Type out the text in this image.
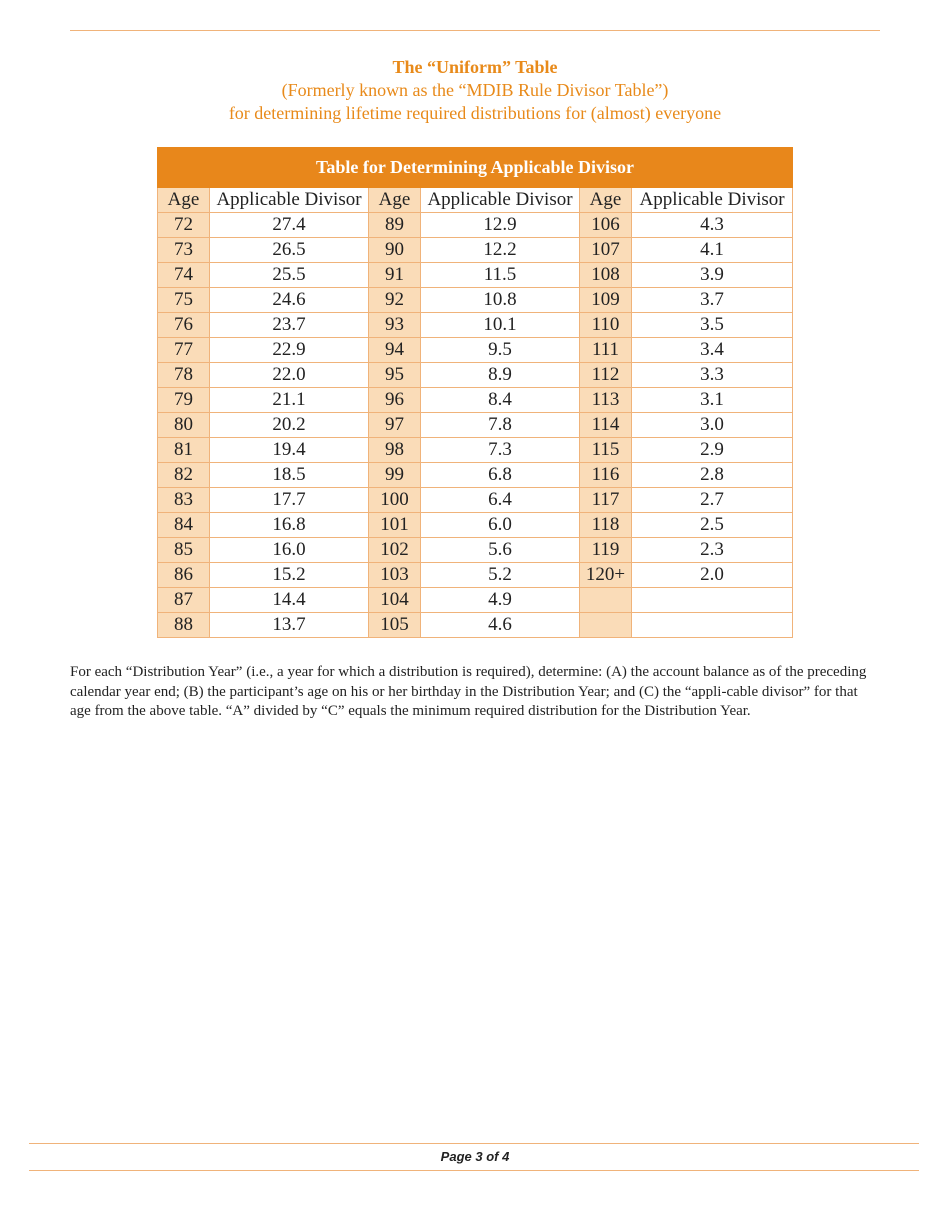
The “Uniform” Table
(Formerly known as the “MDIB Rule Divisor Table”)
for determining lifetime required distributions for (almost) everyone
Table for Determining Applicable Divisor					
Age	Applicable Divisor	Age	Applicable Divisor	Age	Applicable Divisor
72	27.4	89	12.9	106	4.3
73	26.5	90	12.2	107	4.1
74	25.5	91	11.5	108	3.9
75	24.6	92	10.8	109	3.7
76	23.7	93	10.1	110	3.5
77	22.9	94	9.5	111	3.4
78	22.0	95	8.9	112	3.3
79	21.1	96	8.4	113	3.1
80	20.2	97	7.8	114	3.0
81	19.4	98	7.3	115	2.9
82	18.5	99	6.8	116	2.8
83	17.7	100	6.4	117	2.7
84	16.8	101	6.0	118	2.5
85	16.0	102	5.6	119	2.3
86	15.2	103	5.2	120+	2.0
87	14.4	104	4.9		
88	13.7	105	4.6		
For each “Distribution Year” (i.e., a year for which a distribution is required), determine: (A) the account balance as of the preceding calendar year end; (B) the participant’s age on his or her birthday in the Distribution Year; and (C) the “appli-cable divisor” for that age from the above table. “A” divided by “C” equals the minimum required distribution for the Distribution Year.
Page 3 of 4
